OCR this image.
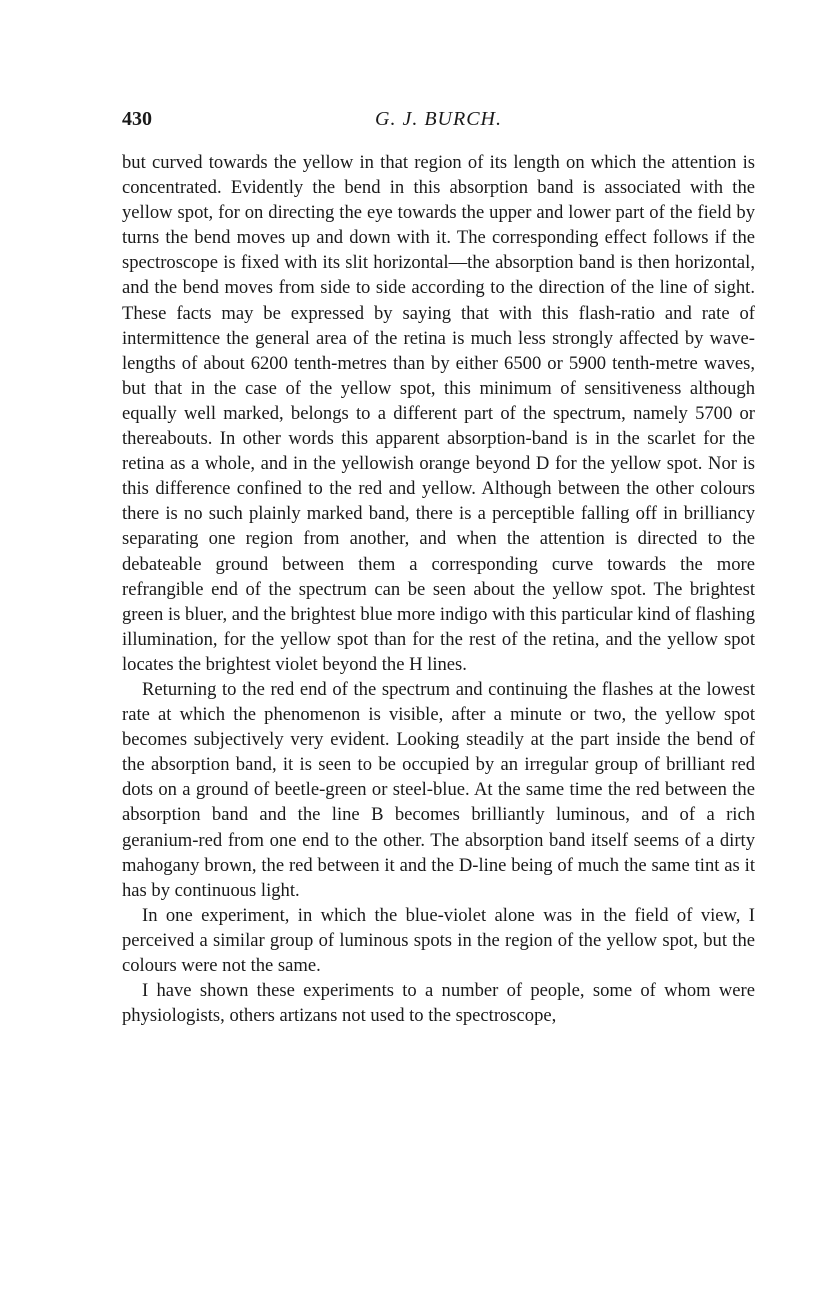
430	G. J. BURCH.

but curved towards the yellow in that region of its length on which the attention is concentrated. Evidently the bend in this absorption band is associated with the yellow spot, for on directing the eye towards the upper and lower part of the field by turns the bend moves up and down with it. The corresponding effect follows if the spectroscope is fixed with its slit horizontal—the absorption band is then horizontal, and the bend moves from side to side according to the direction of the line of sight. These facts may be expressed by saying that with this flash-ratio and rate of intermittence the general area of the retina is much less strongly affected by wave-lengths of about 6200 tenth-metres than by either 6500 or 5900 tenth-metre waves, but that in the case of the yellow spot, this minimum of sensitiveness although equally well marked, belongs to a different part of the spectrum, namely 5700 or thereabouts. In other words this apparent absorption-band is in the scarlet for the retina as a whole, and in the yellowish orange beyond D for the yellow spot. Nor is this difference confined to the red and yellow. Although between the other colours there is no such plainly marked band, there is a perceptible falling off in brilliancy separating one region from another, and when the attention is directed to the debateable ground between them a corresponding curve towards the more refrangible end of the spectrum can be seen about the yellow spot. The brightest green is bluer, and the brightest blue more indigo with this particular kind of flashing illumination, for the yellow spot than for the rest of the retina, and the yellow spot locates the brightest violet beyond the H lines.

Returning to the red end of the spectrum and continuing the flashes at the lowest rate at which the phenomenon is visible, after a minute or two, the yellow spot becomes subjectively very evident. Looking steadily at the part inside the bend of the absorption band, it is seen to be occupied by an irregular group of brilliant red dots on a ground of beetle-green or steel-blue. At the same time the red between the absorption band and the line B becomes brilliantly luminous, and of a rich geranium-red from one end to the other. The absorption band itself seems of a dirty mahogany brown, the red between it and the D-line being of much the same tint as it has by continuous light.

In one experiment, in which the blue-violet alone was in the field of view, I perceived a similar group of luminous spots in the region of the yellow spot, but the colours were not the same.

I have shown these experiments to a number of people, some of whom were physiologists, others artizans not used to the spectroscope,
